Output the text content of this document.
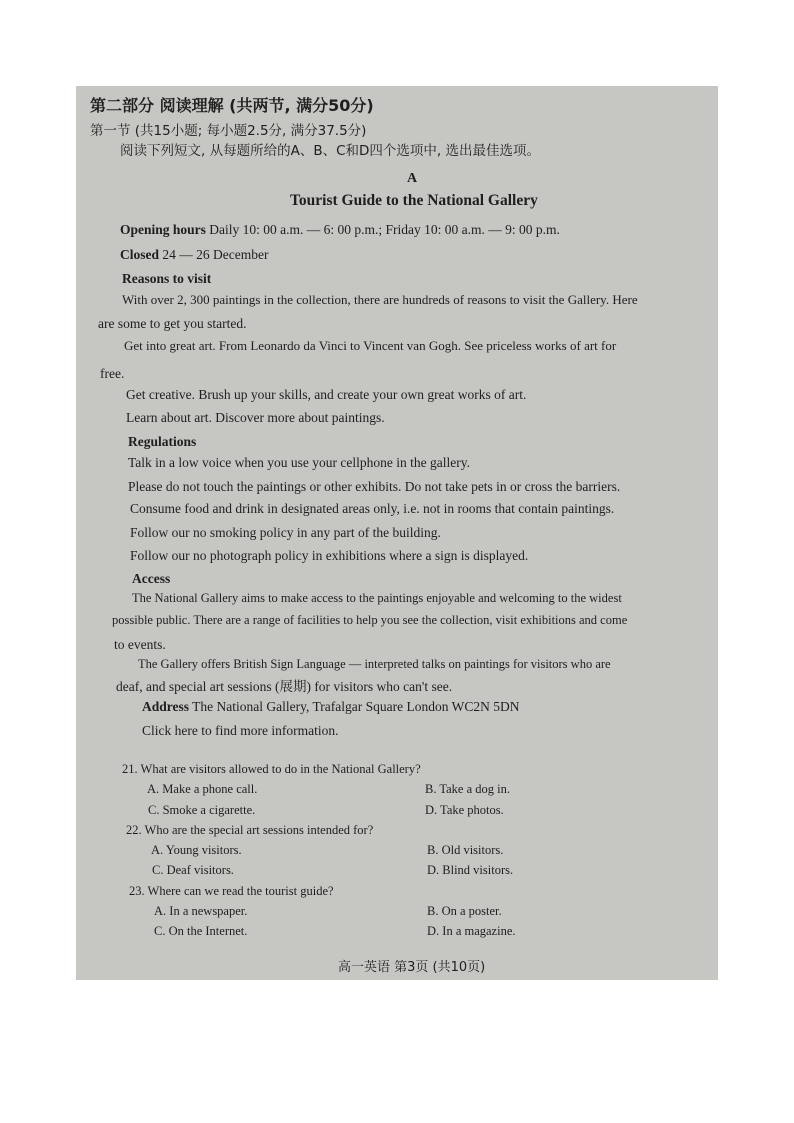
第二部分 阅读理解 (共两节, 满分50分)
第一节 (共15小题; 每小题2.5分, 满分37.5分)
阅读下列短文, 从每题所给的A、B、C和D四个选项中, 选出最佳选项。
A
Tourist Guide to the National Gallery
Opening hours Daily 10: 00 a.m. — 6: 00 p.m.; Friday 10: 00 a.m. — 9: 00 p.m.
Closed 24 — 26 December
Reasons to visit
With over 2, 300 paintings in the collection, there are hundreds of reasons to visit the Gallery. Here
are some to get you started.
Get into great art. From Leonardo da Vinci to Vincent van Gogh. See priceless works of art for
free.
Get creative. Brush up your skills, and create your own great works of art.
Learn about art. Discover more about paintings.
Regulations
Talk in a low voice when you use your cellphone in the gallery.
Please do not touch the paintings or other exhibits. Do not take pets in or cross the barriers.
Consume food and drink in designated areas only, i.e. not in rooms that contain paintings.
Follow our no smoking policy in any part of the building.
Follow our no photograph policy in exhibitions where a sign is displayed.
Access
The National Gallery aims to make access to the paintings enjoyable and welcoming to the widest
possible public. There are a range of facilities to help you see the collection, visit exhibitions and come
to events.
The Gallery offers British Sign Language — interpreted talks on paintings for visitors who are
deaf, and special art sessions (展期) for visitors who can't see.
Address The National Gallery, Trafalgar Square London WC2N 5DN
Click here to find more information.
21. What are visitors allowed to do in the National Gallery?
A. Make a phone call.	B. Take a dog in.
C. Smoke a cigarette.	D. Take photos.
22. Who are the special art sessions intended for?
A. Young visitors.	B. Old visitors.
C. Deaf visitors.	D. Blind visitors.
23. Where can we read the tourist guide?
A. In a newspaper.	B. On a poster.
C. On the Internet.	D. In a magazine.
高一英语 第3页 (共10页)
